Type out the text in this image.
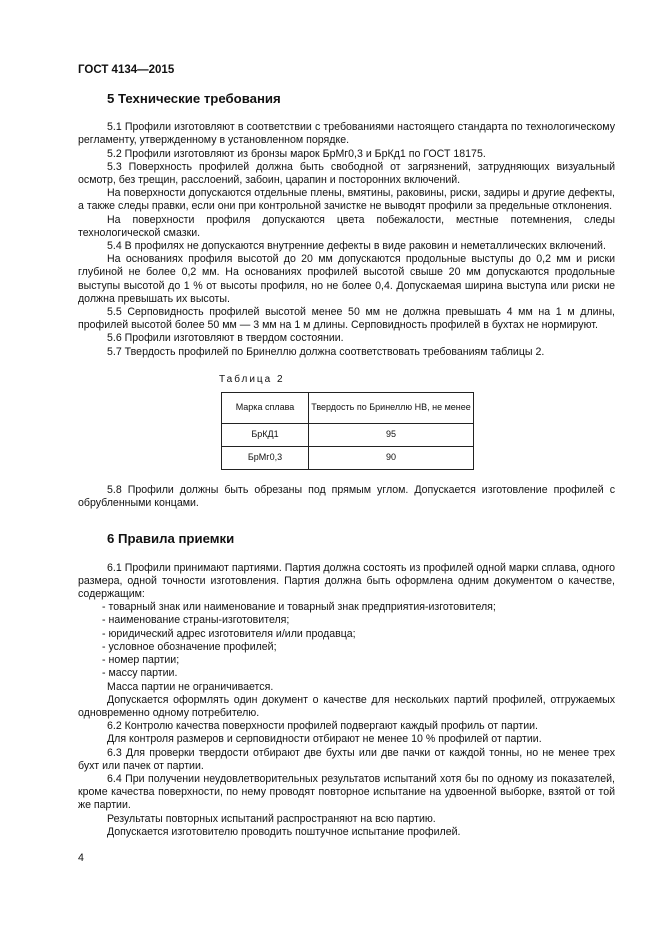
ГОСТ 4134—2015
5 Технические требования

5.1 Профили изготовляют в соответствии с требованиями настоящего стандарта по технологическому регламенту, утвержденному в установленном порядке.

5.2 Профили изготовляют из бронзы марок БрМг0,3 и БрКд1 по ГОСТ 18175.

5.3 Поверхность профилей должна быть свободной от загрязнений, затрудняющих визуальный осмотр, без трещин, расслоений, забоин, царапин и посторонних включений.

На поверхности допускаются отдельные плены, вмятины, раковины, риски, задиры и другие дефекты, а также следы правки, если они при контрольной зачистке не выводят профили за предельные отклонения.

На поверхности профиля допускаются цвета побежалости, местные потемнения, следы технологической смазки.

5.4 В профилях не допускаются внутренние дефекты в виде раковин и неметаллических включений.

На основаниях профиля высотой до 20 мм допускаются продольные выступы до 0,2 мм и риски глубиной не более 0,2 мм. На основаниях профилей высотой свыше 20 мм допускаются продольные выступы высотой до 1 % от высоты профиля, но не более 0,4. Допускаемая ширина выступа или риски не должна превышать их высоты.

5.5 Серповидность профилей высотой менее 50 мм не должна превышать 4 мм на 1 м длины, профилей высотой более 50 мм — 3 мм на 1 м длины. Серповидность профилей в бухтах не нормируют.

5.6 Профили изготовляют в твердом состоянии.

5.7 Твердость профилей по Бринеллю должна соответствовать требованиям таблицы 2.

Таблица 2
Марка сплава	Твердость по Бринеллю НВ, не менее
БрКД1	95
БрМг0,3	90

5.8 Профили должны быть обрезаны под прямым углом. Допускается изготовление профилей с обрубленными концами.

6 Правила приемки

6.1 Профили принимают партиями. Партия должна состоять из профилей одной марки сплава, одного размера, одной точности изготовления. Партия должна быть оформлена одним документом о качестве, содержащим:

- товарный знак или наименование и товарный знак предприятия-изготовителя;
- наименование страны-изготовителя;
- юридический адрес изготовителя и/или продавца;
- условное обозначение профилей;
- номер партии;
- массу партии.

Масса партии не ограничивается.

Допускается оформлять один документ о качестве для нескольких партий профилей, отгружаемых одновременно одному потребителю.

6.2 Контролю качества поверхности профилей подвергают каждый профиль от партии.

Для контроля размеров и серповидности отбирают не менее 10 % профилей от партии.

6.3 Для проверки твердости отбирают две бухты или две пачки от каждой тонны, но не менее трех бухт или пачек от партии.

6.4 При получении неудовлетворительных результатов испытаний хотя бы по одному из показателей, кроме качества поверхности, по нему проводят повторное испытание на удвоенной выборке, взятой от той же партии.

Результаты повторных испытаний распространяют на всю партию.

Допускается изготовителю проводить поштучное испытание профилей.

4
